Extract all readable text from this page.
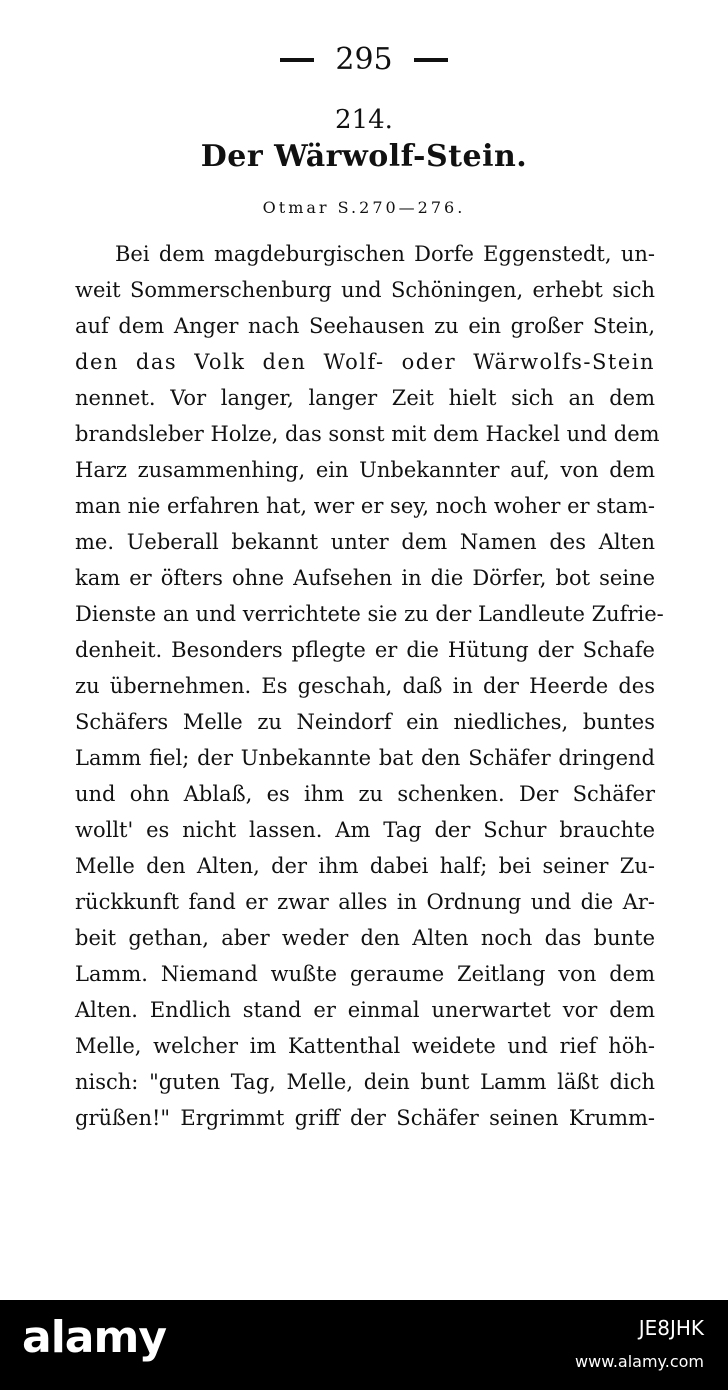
295
214.
Der Wärwolf-Stein.
Otmar S.270—276.
Bei dem magdeburgischen Dorfe Eggenstedt, un-
weit Sommerschenburg und Schöningen, erhebt sich
auf dem Anger nach Seehausen zu ein großer Stein,
den das Volk den Wolf- oder Wärwolfs-Stein
nennet. Vor langer, langer Zeit hielt sich an dem
brandsleber Holze, das sonst mit dem Hackel und dem
Harz zusammenhing, ein Unbekannter auf, von dem
man nie erfahren hat, wer er sey, noch woher er stam-
me. Ueberall bekannt unter dem Namen des Alten
kam er öfters ohne Aufsehen in die Dörfer, bot seine
Dienste an und verrichtete sie zu der Landleute Zufrie-
denheit. Besonders pflegte er die Hütung der Schafe
zu übernehmen. Es geschah, daß in der Heerde des
Schäfers Melle zu Neindorf ein niedliches, buntes
Lamm fiel; der Unbekannte bat den Schäfer dringend
und ohn Ablaß, es ihm zu schenken. Der Schäfer
wollt' es nicht lassen. Am Tag der Schur brauchte
Melle den Alten, der ihm dabei half; bei seiner Zu-
rückkunft fand er zwar alles in Ordnung und die Ar-
beit gethan, aber weder den Alten noch das bunte
Lamm. Niemand wußte geraume Zeitlang von dem
Alten. Endlich stand er einmal unerwartet vor dem
Melle, welcher im Kattenthal weidete und rief höh-
nisch: "guten Tag, Melle, dein bunt Lamm läßt dich
grüßen!" Ergrimmt griff der Schäfer seinen Krumm-
alamy	JE8JHK
www.alamy.com
